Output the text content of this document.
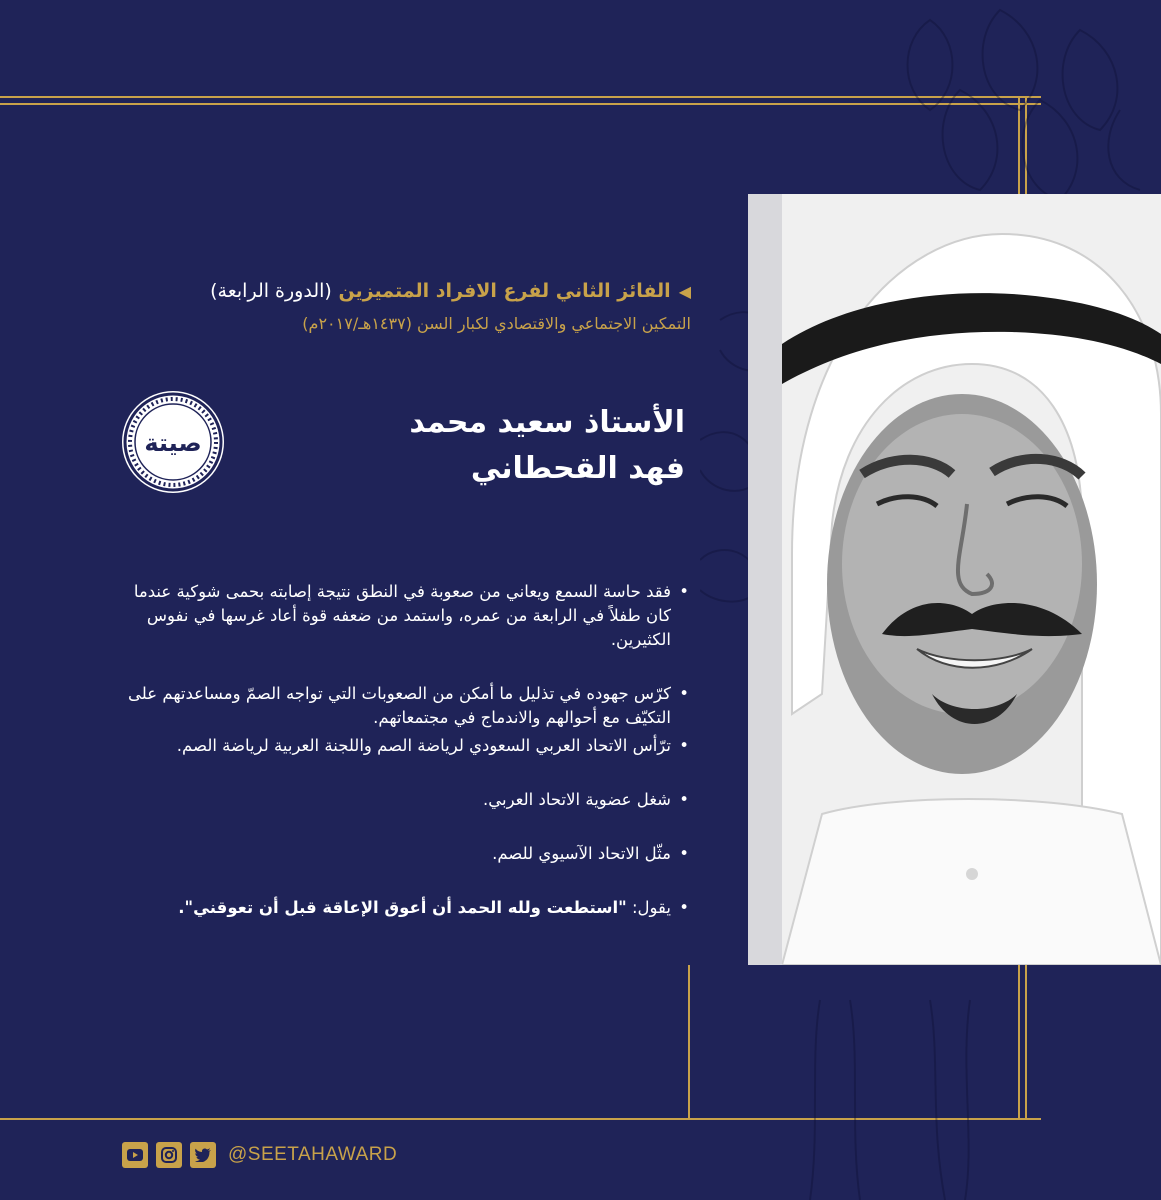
◀الفائز الثاني لفرع الافراد المتميزين (الدورة الرابعة)
التمكين الاجتماعي والاقتصادي لكبار السن (١٤٣٧هـ/٢٠١٧م)
الأستاذ سعيد محمد
فهد القحطاني
صيتة
• فقد حاسة السمع ويعاني من صعوبة في النطق نتيجة إصابته بحمى شوكية عندما كان طفلاً في الرابعة من عمره، واستمد من ضعفه قوة أعاد غرسها في نفوس الكثيرين.
• كرّس جهوده في تذليل ما أمكن من الصعوبات التي تواجه الصمّ ومساعدتهم على التكيّف مع أحوالهم والاندماج في مجتمعاتهم.
• ترّأس الاتحاد العربي السعودي لرياضة الصم واللجنة العربية لرياضة الصم.
• شغل عضوية الاتحاد العربي.
• مثّل الاتحاد الآسيوي للصم.
• يقول: "استطعت ولله الحمد أن أعوق الإعاقة قبل أن تعوقني".
@SEETAHAWARD
